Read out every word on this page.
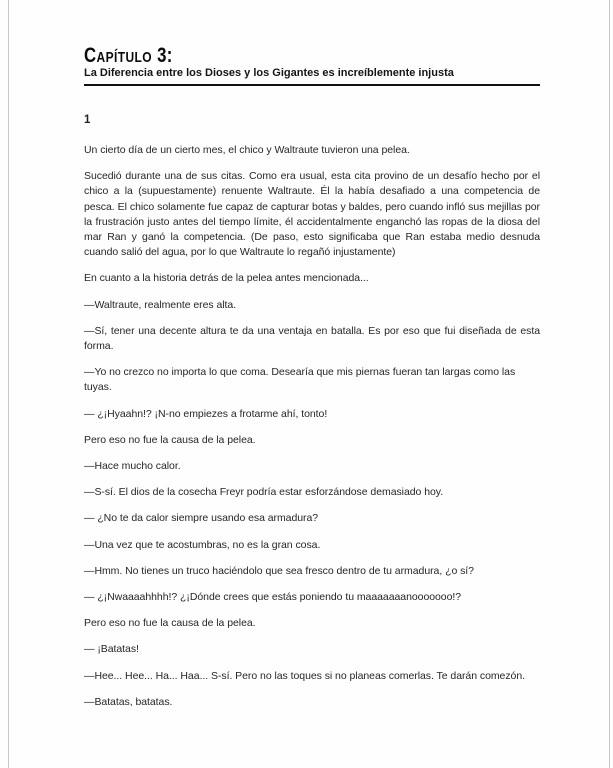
Capítulo 3:
La Diferencia entre los Dioses y los Gigantes es increíblemente injusta
1

Un cierto día de un cierto mes, el chico y Waltraute tuvieron una pelea.

Sucedió durante una de sus citas. Como era usual, esta cita provino de un desafío hecho por el chico a la (supuestamente) renuente Waltraute. Él la había desafiado a una competencia de pesca. El chico solamente fue capaz de capturar botas y baldes, pero cuando infló sus mejillas por la frustración justo antes del tiempo límite, él accidentalmente enganchó las ropas de la diosa del mar Ran y ganó la competencia. (De paso, esto significaba que Ran estaba medio desnuda cuando salió del agua, por lo que Waltraute lo regañó injustamente)

En cuanto a la historia detrás de la pelea antes mencionada...

—Waltraute, realmente eres alta.

—Sí, tener una decente altura te da una ventaja en batalla. Es por eso que fui diseñada de esta forma.

—Yo no crezco no importa lo que coma. Desearía que mis piernas fueran tan largas como las tuyas.

— ¿¡Hyaahn!? ¡N-no empiezes a frotarme ahí, tonto!

Pero eso no fue la causa de la pelea.

—Hace mucho calor.

—S-sí. El dios de la cosecha Freyr podría estar esforzándose demasiado hoy.

— ¿No te da calor siempre usando esa armadura?

—Una vez que te acostumbras, no es la gran cosa.

—Hmm. No tienes un truco haciéndolo que sea fresco dentro de tu armadura, ¿o sí?

— ¿¡Nwaaaahhhh!? ¿¡Dónde crees que estás poniendo tu maaaaaaanooooooo!?

Pero eso no fue la causa de la pelea.

— ¡Batatas!

—Hee... Hee... Ha... Haa... S-sí. Pero no las toques si no planeas comerlas. Te darán comezón.

—Batatas, batatas.
